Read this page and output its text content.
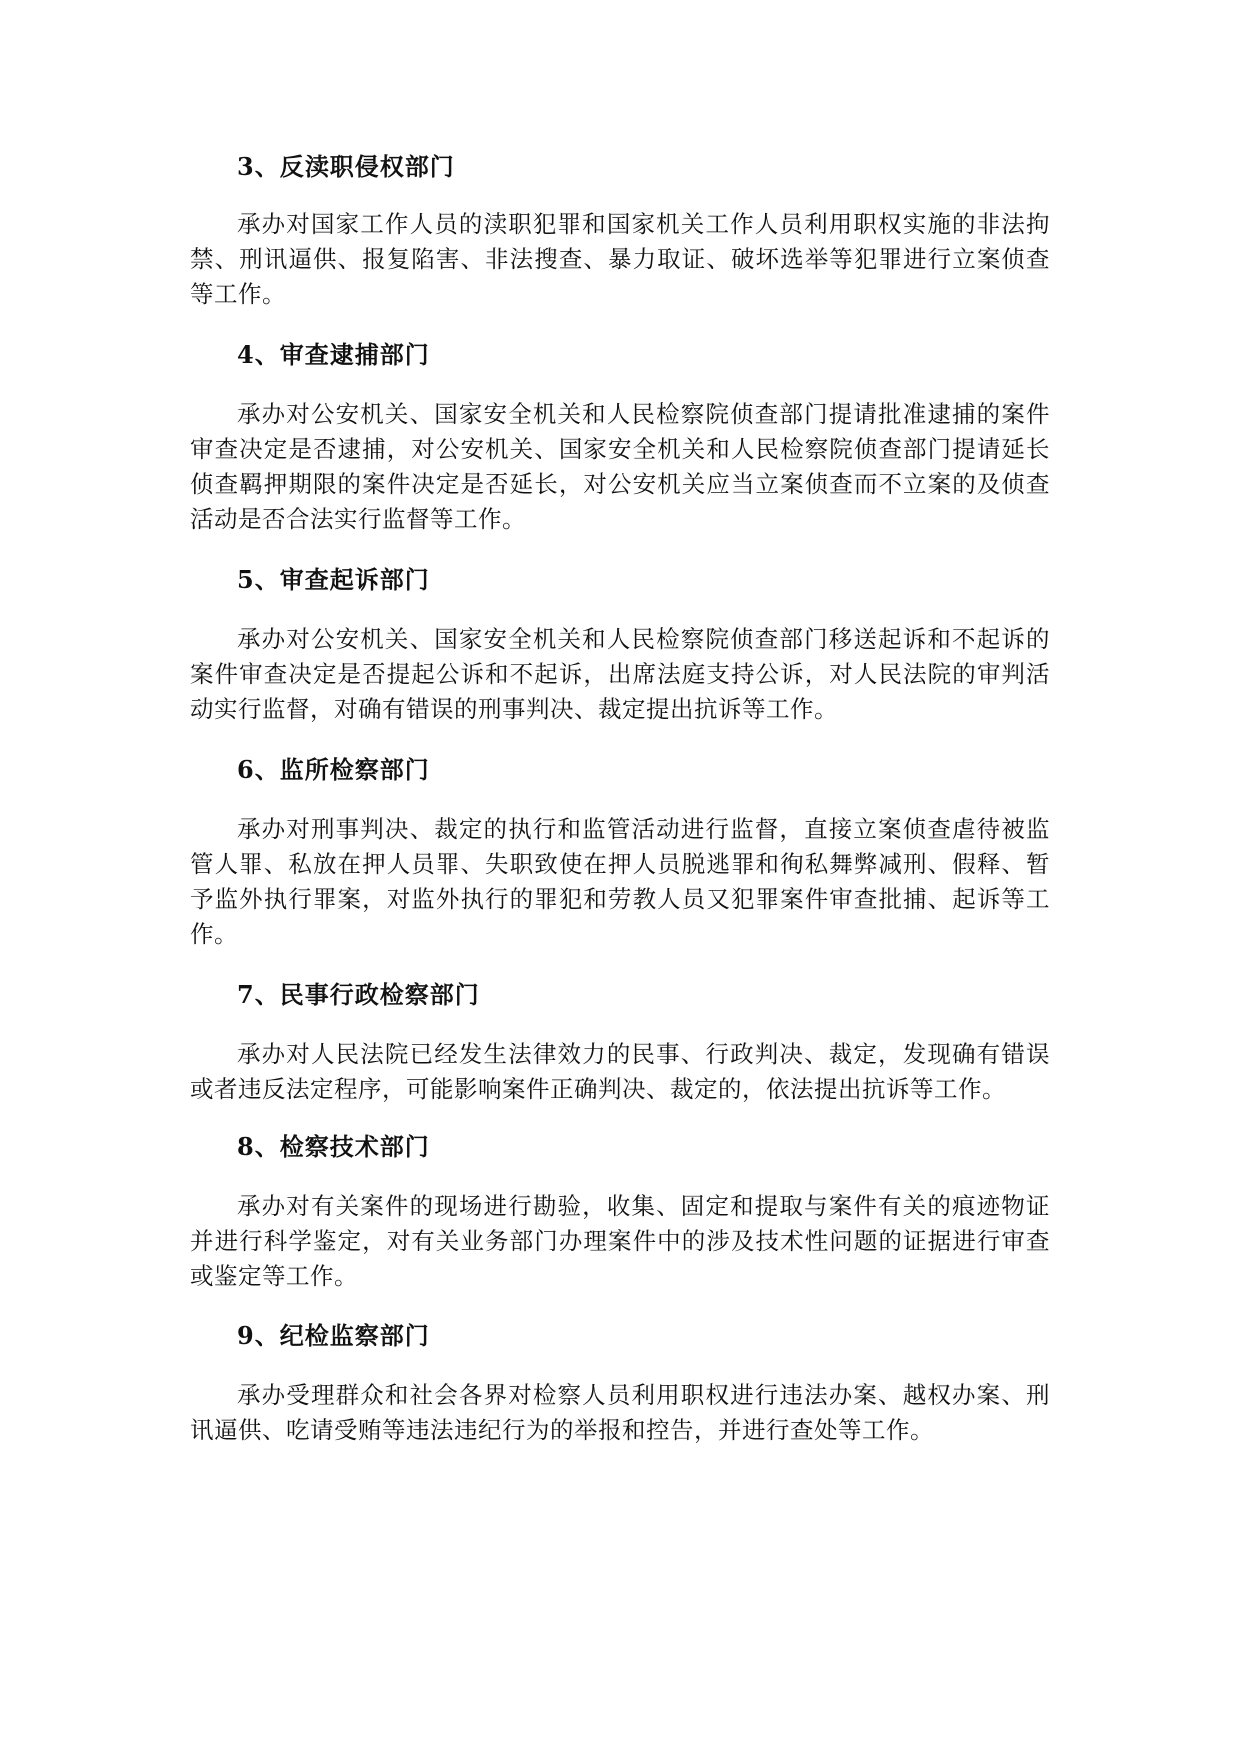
3、反渎职侵权部门

承办对国家工作人员的渎职犯罪和国家机关工作人员利用职权实施的非法拘禁、刑讯逼供、报复陷害、非法搜查、暴力取证、破坏选举等犯罪进行立案侦查等工作。

4、审查逮捕部门

承办对公安机关、国家安全机关和人民检察院侦查部门提请批准逮捕的案件审查决定是否逮捕，对公安机关、国家安全机关和人民检察院侦查部门提请延长侦查羁押期限的案件决定是否延长，对公安机关应当立案侦查而不立案的及侦查活动是否合法实行监督等工作。

5、审查起诉部门

承办对公安机关、国家安全机关和人民检察院侦查部门移送起诉和不起诉的案件审查决定是否提起公诉和不起诉，出席法庭支持公诉，对人民法院的审判活动实行监督，对确有错误的刑事判决、裁定提出抗诉等工作。

6、监所检察部门

承办对刑事判决、裁定的执行和监管活动进行监督，直接立案侦查虐待被监管人罪、私放在押人员罪、失职致使在押人员脱逃罪和徇私舞弊减刑、假释、暂予监外执行罪案，对监外执行的罪犯和劳教人员又犯罪案件审查批捕、起诉等工作。

7、民事行政检察部门

承办对人民法院已经发生法律效力的民事、行政判决、裁定，发现确有错误或者违反法定程序，可能影响案件正确判决、裁定的，依法提出抗诉等工作。

8、检察技术部门

承办对有关案件的现场进行勘验，收集、固定和提取与案件有关的痕迹物证并进行科学鉴定，对有关业务部门办理案件中的涉及技术性问题的证据进行审查或鉴定等工作。

9、纪检监察部门

承办受理群众和社会各界对检察人员利用职权进行违法办案、越权办案、刑讯逼供、吃请受贿等违法违纪行为的举报和控告，并进行查处等工作。
